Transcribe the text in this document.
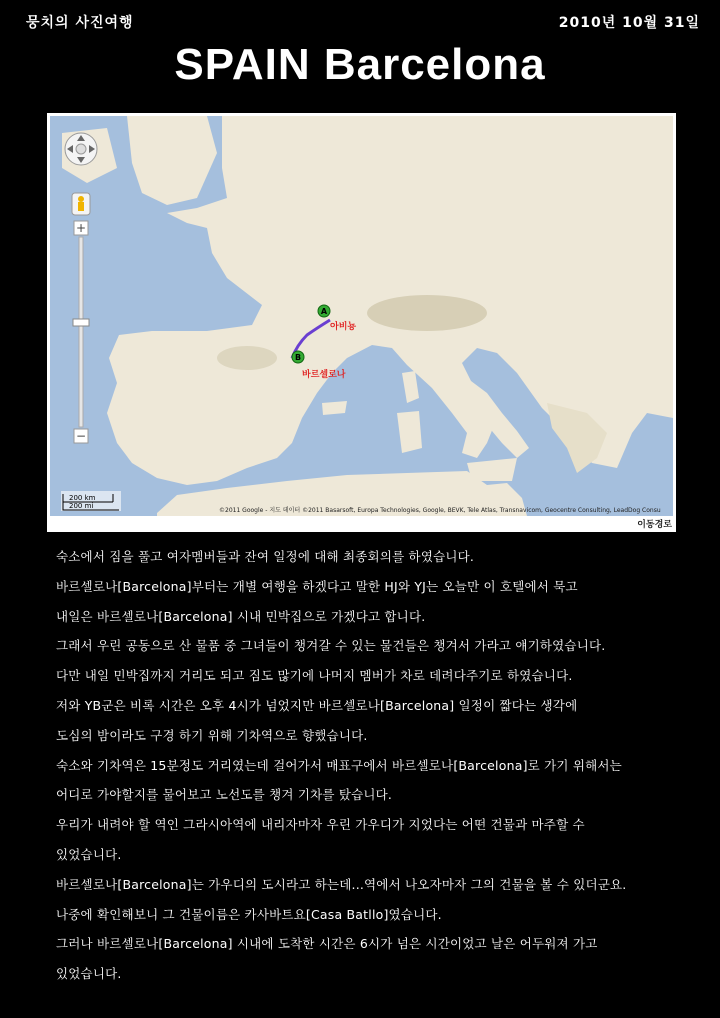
뭉치의 사진여행	2010년 10월 31일
SPAIN Barcelona
A
아비뇽
B
바르셀로나
+
−
200 km
200 mi
©2011 Google - 지도 데이터 ©2011 Basarsoft, Europa Technologies, Google, BEVK, Tele Atlas, Transnavicom, Geocentre Consulting, LeadDog Consu
이동경로

숙소에서 짐을 풀고 여자멤버들과 잔여 일정에 대해 최종회의를 하였습니다.

바르셀로나[Barcelona]부터는 개별 여행을 하겠다고 말한 HJ와 YJ는 오늘만 이 호텔에서 묵고

내일은 바르셀로나[Barcelona] 시내 민박집으로 가겠다고 합니다.

그래서 우린 공동으로 산 물품 중 그녀들이 챙겨갈 수 있는 물건들은 챙겨서 가라고 얘기하였습니다.

다만 내일 민박집까지 거리도 되고 짐도 많기에 나머지 멤버가 차로 데려다주기로 하였습니다.

저와 YB군은 비록 시간은 오후 4시가 넘었지만 바르셀로나[Barcelona] 일정이 짧다는 생각에

도심의 밤이라도 구경 하기 위해 기차역으로 향했습니다.

숙소와 기차역은 15분정도 거리였는데 걸어가서 매표구에서 바르셀로나[Barcelona]로 가기 위해서는

어디로 가야할지를 물어보고 노선도를 챙겨 기차를 탔습니다.

우리가 내려야 할 역인 그라시아역에 내리자마자 우린 가우디가 지었다는 어떤 건물과 마주할 수

있었습니다.

바르셀로나[Barcelona]는 가우디의 도시라고 하는데...역에서 나오자마자 그의 건물을 볼 수 있더군요.

나중에 확인해보니 그 건물이름은 카사바트요[Casa Batllo]였습니다.

그러나 바르셀로나[Barcelona] 시내에 도착한 시간은 6시가 넘은 시간이었고 날은 어두워져 가고

있었습니다.
